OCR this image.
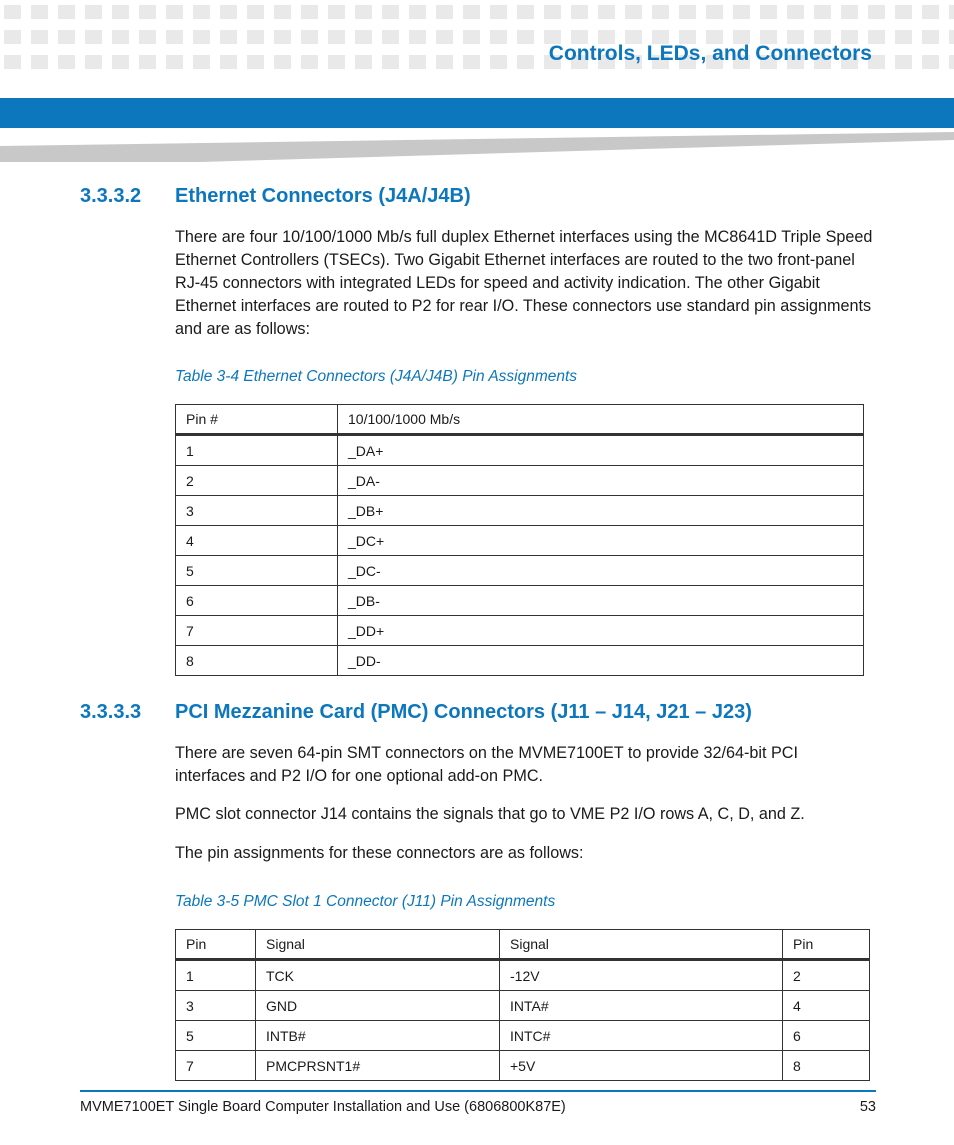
Controls, LEDs, and Connectors
3.3.3.2 Ethernet Connectors (J4A/J4B)

There are four 10/100/1000 Mb/s full duplex Ethernet interfaces using the MC8641D Triple Speed Ethernet Controllers (TSECs). Two Gigabit Ethernet interfaces are routed to the two front-panel RJ-45 connectors with integrated LEDs for speed and activity indication. The other Gigabit Ethernet interfaces are routed to P2 for rear I/O. These connectors use standard pin assignments and are as follows:

Table 3-4 Ethernet Connectors (J4A/J4B) Pin Assignments
Pin #	10/100/1000 Mb/s
1	_DA+
2	_DA-
3	_DB+
4	_DC+
5	_DC-
6	_DB-
7	_DD+
8	_DD-
3.3.3.3 PCI Mezzanine Card (PMC) Connectors (J11 – J14, J21 – J23)

There are seven 64-pin SMT connectors on the MVME7100ET to provide 32/64-bit PCI interfaces and P2 I/O for one optional add-on PMC.

PMC slot connector J14 contains the signals that go to VME P2 I/O rows A, C, D, and Z.

The pin assignments for these connectors are as follows:

Table 3-5 PMC Slot 1 Connector (J11) Pin Assignments
Pin	Signal	Signal	Pin
1	TCK	-12V	2
3	GND	INTA#	4
5	INTB#	INTC#	6
7	PMCPRSNT1#	+5V	8
MVME7100ET Single Board Computer Installation and Use (6806800K87E)	53
